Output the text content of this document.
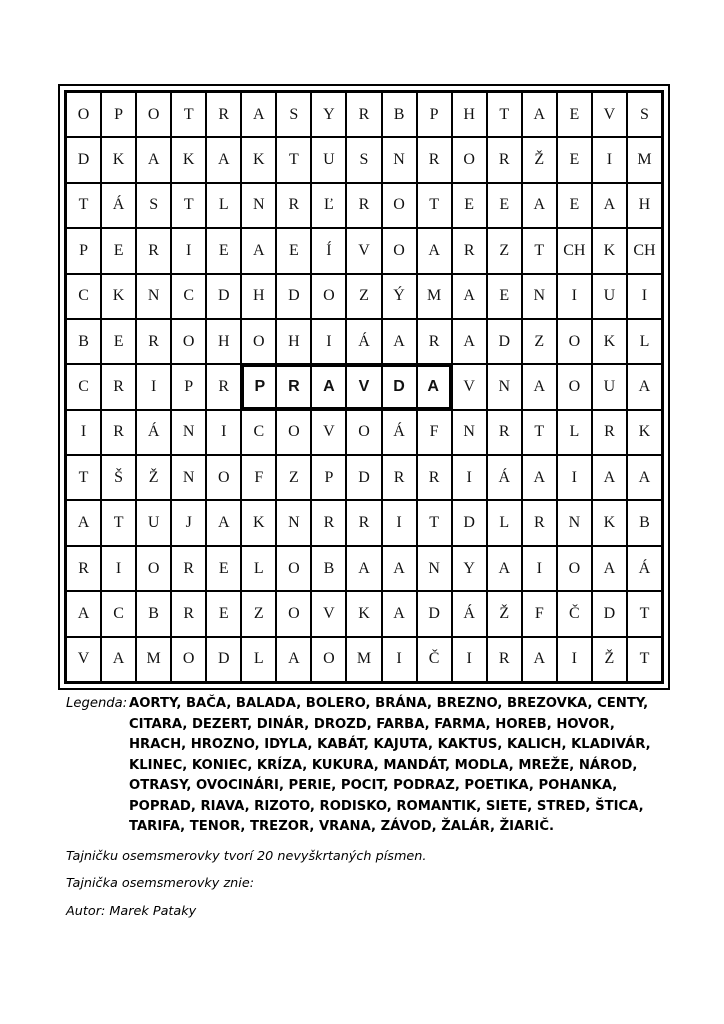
O	P	O	T	R	A	S	Y	R	B	P	H	T	A	E	V	S
D	K	A	K	A	K	T	U	S	N	R	O	R	Ž	E	I	M
T	Á	S	T	L	N	R	Ľ	R	O	T	E	E	A	E	A	H
P	E	R	I	E	A	E	Í	V	O	A	R	Z	T	CH	K	CH
C	K	N	C	D	H	D	O	Z	Ý	M	A	E	N	I	U	I
B	E	R	O	H	O	H	I	Á	A	R	A	D	Z	O	K	L
C	R	I	P	R	P	R	A	V	D	A	V	N	A	O	U	A
I	R	Á	N	I	C	O	V	O	Á	F	N	R	T	L	R	K
T	Š	Ž	N	O	F	Z	P	D	R	R	I	Á	A	I	A	A
A	T	U	J	A	K	N	R	R	I	T	D	L	R	N	K	B
R	I	O	R	E	L	O	B	A	A	N	Y	A	I	O	A	Á
A	C	B	R	E	Z	O	V	K	A	D	Á	Ž	F	Č	D	T
V	A	M	O	D	L	A	O	M	I	Č	I	R	A	I	Ž	T
Legenda: AORTY, BAČA, BALADA, BOLERO, BRÁNA, BREZNO, BREZOVKA, CENTY, CITARA, DEZERT, DINÁR, DROZD, FARBA, FARMA, HOREB, HOVOR, HRACH, HROZNO, IDYLA, KABÁT, KAJUTA, KAKTUS, KALICH, KLADIVÁR, KLINEC, KONIEC, KRÍZA, KUKURA, MANDÁT, MODLA, MREŽE, NÁROD, OTRASY, OVOCINÁRI, PERIE, POCIT, PODRAZ, POETIKA, POHANKA, POPRAD, RIAVA, RIZOTO, RODISKO, ROMANTIK, SIETE, STRED, ŠTICA, TARIFA, TENOR, TREZOR, VRANA, ZÁVOD, ŽALÁR, ŽIARIČ.
Tajničku osemsmerovky tvorí 20 nevyškrtaných písmen.
Tajnička osemsmerovky znie:
Autor: Marek Pataky
